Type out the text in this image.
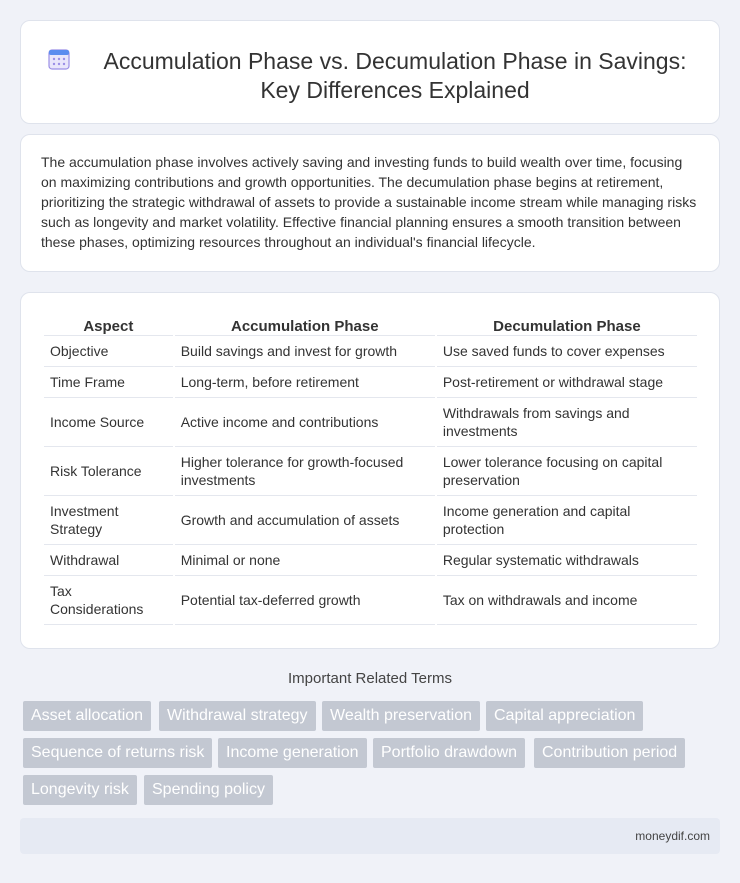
Accumulation Phase vs. Decumulation Phase in Savings: Key Differences Explained

The accumulation phase involves actively saving and investing funds to build wealth over time, focusing on maximizing contributions and growth opportunities. The decumulation phase begins at retirement, prioritizing the strategic withdrawal of assets to provide a sustainable income stream while managing risks such as longevity and market volatility. Effective financial planning ensures a smooth transition between these phases, optimizing resources throughout an individual's financial lifecycle.

Aspect	Accumulation Phase	Decumulation Phase
Objective	Build savings and invest for growth	Use saved funds to cover expenses
Time Frame	Long-term, before retirement	Post-retirement or withdrawal stage
Income Source	Active income and contributions	Withdrawals from savings and investments
Risk Tolerance	Higher tolerance for growth-focused investments	Lower tolerance focusing on capital preservation
Investment Strategy	Growth and accumulation of assets	Income generation and capital protection
Withdrawal	Minimal or none	Regular systematic withdrawals
Tax Considerations	Potential tax-deferred growth	Tax on withdrawals and income
Important Related Terms
Asset allocation	Withdrawal strategy	Wealth preservation	Capital appreciation
Sequence of returns risk	Income generation	Portfolio drawdown	Contribution period
Longevity risk	Spending policy
moneydif.com
